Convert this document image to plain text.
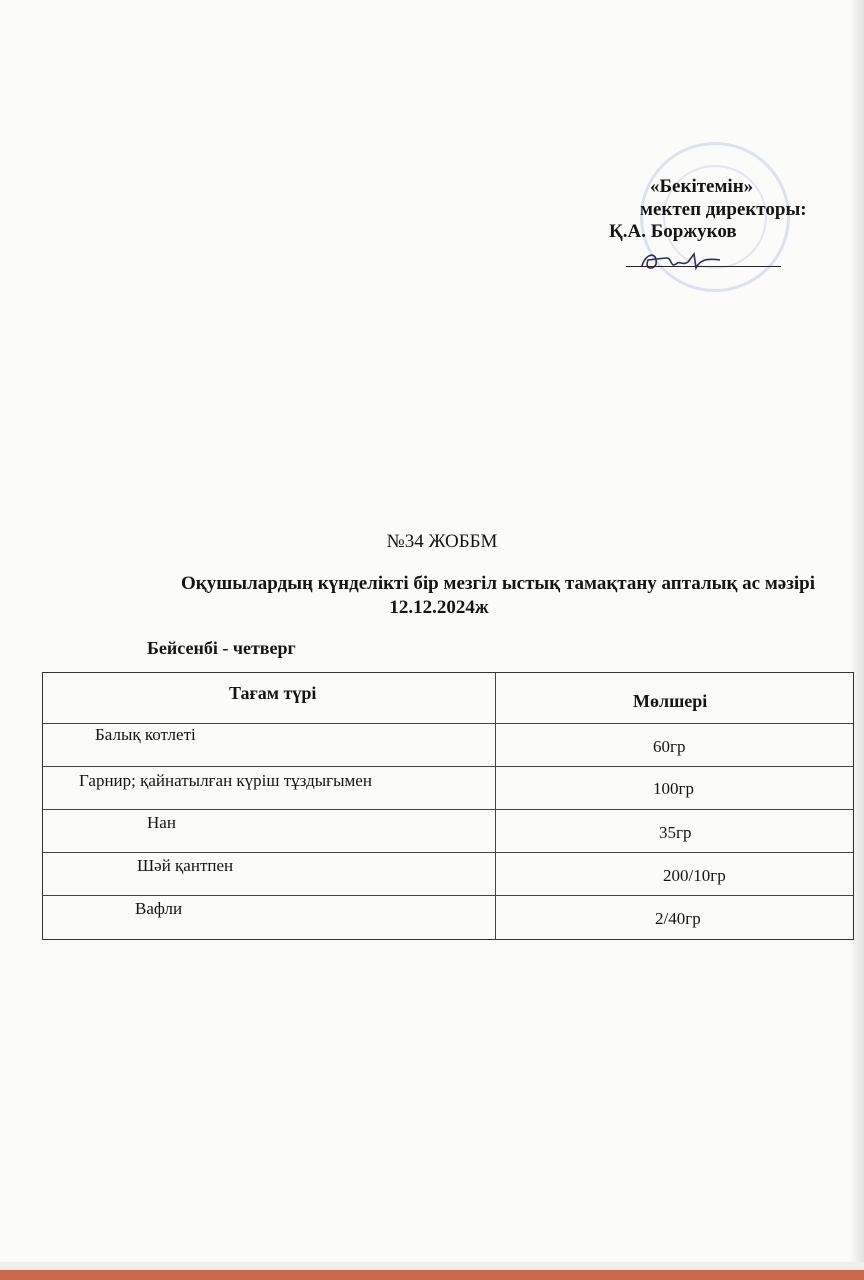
«Бекітемін»
мектеп директоры:
Қ.А. Боржуков
№34 ЖОББМ
Оқушылардың күнделікті бір мезгіл ыстық тамақтану апталық ас мәзірі
12.12.2024ж
Бейсенбі - четверг
Тағам түрі	Мөлшері
Балық котлеті
60гр
Гарнир; қайнатылған күріш тұздығымен	100гр
Нан
35гр
Шәй қантпен
200/10гр
Вафли
2/40гр
